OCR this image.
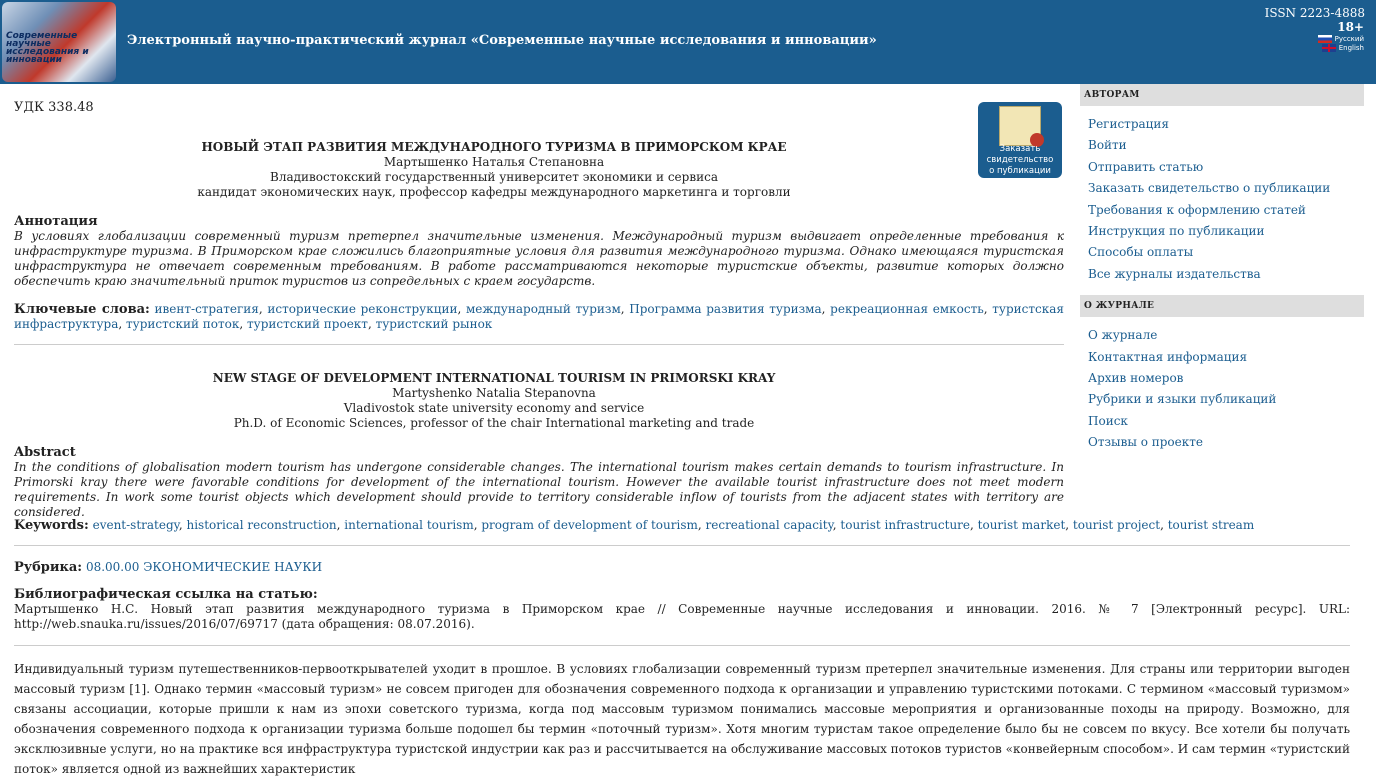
Современные научные исследования и инновации
Электронный научно-практический журнал «Современные научные исследования и инновации»
ISSN 2223-4888
18+
Русский
English
УДК 338.48
Заказать
свидетельство
о публикации
НОВЫЙ ЭТАП РАЗВИТИЯ МЕЖДУНАРОДНОГО ТУРИЗМА В ПРИМОРСКОМ КРАЕ
Мартышенко Наталья Степановна
Владивостокский государственный университет экономики и сервиса
кандидат экономических наук, профессор кафедры международного маркетинга и торговли
Аннотация
В условиях глобализации современный туризм претерпел значительные изменения. Международный туризм выдвигает определенные требования к инфраструктуре туризма. В Приморском крае сложились благоприятные условия для развития международного туризма. Однако имеющаяся туристская инфраструктура не отвечает современным требованиям. В работе рассматриваются некоторые туристские объекты, развитие которых должно обеспечить краю значительный приток туристов из сопредельных с краем государств.
Ключевые слова: ивент-стратегия, исторические реконструкции, международный туризм, Программа развития туризма, рекреационная емкость, туристская инфраструктура, туристский поток, туристский проект, туристский рынок
NEW STAGE OF DEVELOPMENT INTERNATIONAL TOURISM IN PRIMORSKI KRAY
Martyshenko Natalia Stepanovna
Vladivostok state university economy and service
Ph.D. of Economic Sciences, professor of the chair International marketing and trade
Abstract
In the conditions of globalisation modern tourism has undergone considerable changes. The international tourism makes certain demands to tourism infrastructure. In Primorski kray there were favorable conditions for development of the international tourism. However the available tourist infrastructure does not meet modern requirements. In work some tourist objects which development should provide to territory considerable inflow of tourists from the adjacent states with territory are considered.
Keywords: event-strategy, historical reconstruction, international tourism, program of development of tourism, recreational capacity, tourist infrastructure, tourist market, tourist project, tourist stream
Рубрика: 08.00.00 ЭКОНОМИЧЕСКИЕ НАУКИ
Библиографическая ссылка на статью:
Мартышенко Н.С. Новый этап развития международного туризма в Приморском крае // Современные научные исследования и инновации. 2016. № 7 [Электронный ресурс]. URL: http://web.snauka.ru/issues/2016/07/69717 (дата обращения: 08.07.2016).
Индивидуальный туризм путешественников-первооткрывателей уходит в прошлое. В условиях глобализации современный туризм претерпел значительные изменения. Для страны или территории выгоден массовый туризм [1]. Однако термин «массовый туризм» не совсем пригоден для обозначения современного подхода к организации и управлению туристскими потоками. С термином «массовый туризмом» связаны ассоциации, которые пришли к нам из эпохи советского туризма, когда под массовым туризмом понимались массовые мероприятия и организованные походы на природу. Возможно, для обозначения современного подхода к организации туризма больше подошел бы термин «поточный туризм». Хотя многим туристам такое определение было бы не совсем по вкусу. Все хотели бы получать эксклюзивные услуги, но на практике вся инфраструктура туристской индустрии как раз и рассчитывается на обслуживание массовых потоков туристов «конвейерным способом». И сам термин «туристский поток» является одной из важнейших характеристик
АВТОРАМ
Регистрация
Войти
Отправить статью
Заказать свидетельство о публикации
Требования к оформлению статей
Инструкция по публикации
Способы оплаты
Все журналы издательства
О ЖУРНАЛЕ
О журнале
Контактная информация
Архив номеров
Рубрики и языки публикаций
Поиск
Отзывы о проекте
